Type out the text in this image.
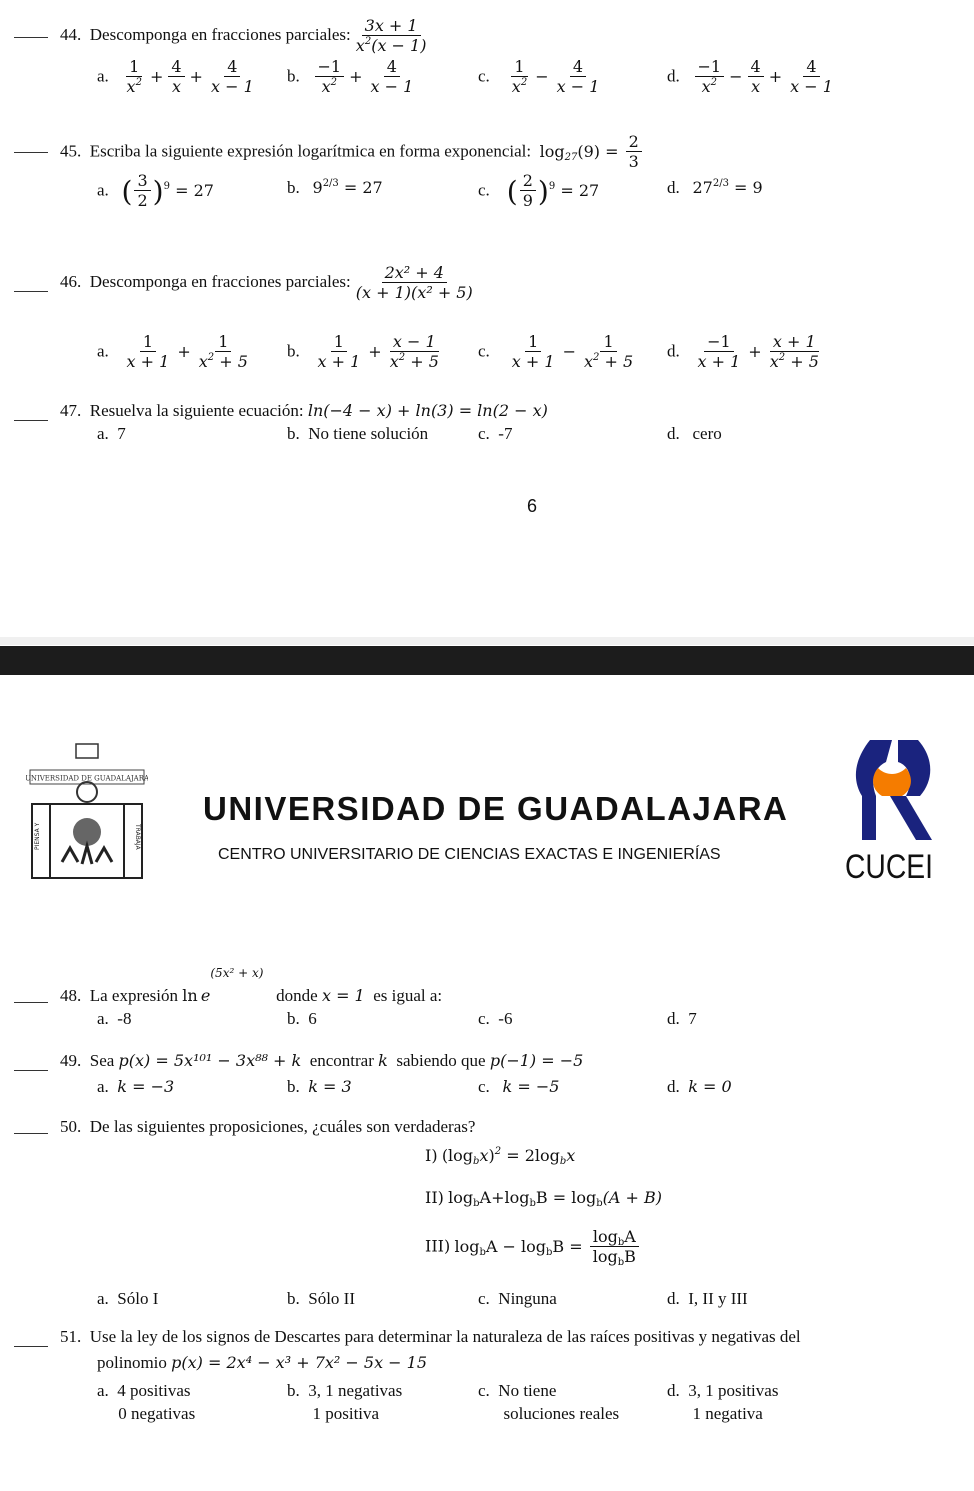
44. Descomponga en fracciones parciales: $\frac{3x + 1}{x^2(x - 1)}$
a. $\frac{1}{x^2} + \frac{4}{x} + \frac{4}{x - 1} b$. $\frac{-1}{x^2} + \frac{4}{x - 1}$	c. $\frac{1}{x^2} - \frac{4}{x - 1}$	d. $\frac{-1}{x^2} - \frac{4}{x} + \frac{4}{x - 1}$
45. Escriba la siguiente expresión logarítmica en forma exponencial: $\log_{27}(9) = \frac{2}{3}$
a. ( $\frac{3}{2} )^9 = 27$	b. $9^{2/3} = 27$	c. ( $\frac{2}{9} )^9 = 27$	d. $27^{2/3} = 9$
46. Descomponga en fracciones parciales: $\frac{\text{2x² + 4}}{\text{(x + 1)(x² + 5)}}$
a. $\frac{1}{x + 1} + \frac{1}{x^2 + 5} b$. $\frac{1}{x + 1} + \frac{x - 1}{x^2 + 5} c$. $\frac{1}{x + 1} - \frac{1}{x^2 + 5} d$. $\frac{-1}{x + 1} + \frac{x + 1}{x^2 + 5}$
47. Resuelva la siguiente ecuación: ln(−4 − x) + ln(3) = ln(2 − x)
a. 7	b. No tiene solución	c. -7	d. cero
6
UNIVERSIDAD DE GUADALAJARA
PIENSA Y	TRABAJA
UNIVERSIDAD DE GUADALAJARA
CENTRO UNIVERSITARIO DE CIENCIAS EXACTAS E INGENIERÍAS	CUCEI
48. La expresión $\ln e^{(5x^2 + x)}$   donde x = 1 es igual a:
a. -8	b. 6	c. -6	d. 7
49. Sea p(x) = 5x¹⁰¹ − 3x⁸⁸ + k encontrar k sabiendo que p(−1) = −5
a. k = −3	b. k = 3	c. k = −5	d. k = 0
50. De las siguientes proposiciones, ¿cuáles son verdaderas?
I) $(\log_bx)^2 = 2\log_bx$
II) $\log_bA+\log_bB = \log_b(A + B)$
III) $\log_bA - \log_bB = \frac{\log_bA}{\log_bB}$
a. Sólo I	b. Sólo II	c. Ninguna	d. I, II y III
51. Use la ley de los signos de Descartes para determinar la naturaleza de las raíces positivas y negativas del
polinomio p(x) = 2x⁴ − x³ + 7x² − 5x − 15
a. 4 positivas
0 negativas
b. 3, 1 negativas
1 positiva
c. No tiene
soluciones reales
d. 3, 1 positivas
1 negativa
